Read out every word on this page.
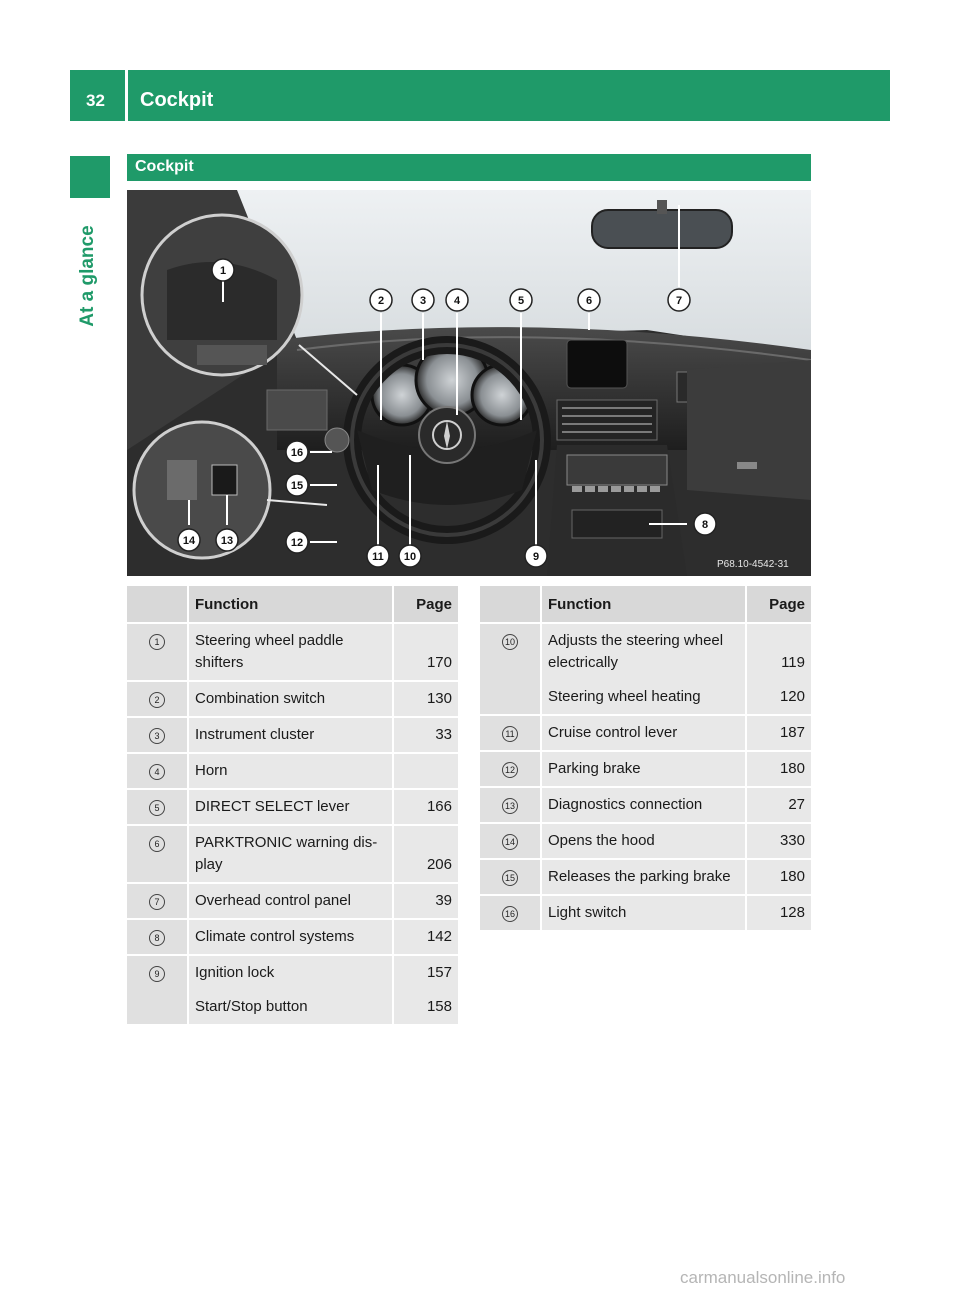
32	Cockpit
At a glance
Cockpit
1
2	3	4	5	6	7
8
9
10
11
12
13
14
15
16
P68.10-4542-31
	Function	Page
1	Steering wheel paddle shifters	170
2	Combination switch	130
3	Instrument cluster	33
4	Horn	
5	DIRECT SELECT lever	166
6	PARKTRONIC warning dis-play	206
7	Overhead control panel	39
8	Climate control systems	142
9	Ignition lock	157
	Start/Stop button	158
	Function	Page
10	Adjusts the steering wheel electrically	119
	Steering wheel heating	120
11	Cruise control lever	187
12	Parking brake	180
13	Diagnostics connection	27
14	Opens the hood	330
15	Releases the parking brake	180
16	Light switch	128
carmanualsonline.info
